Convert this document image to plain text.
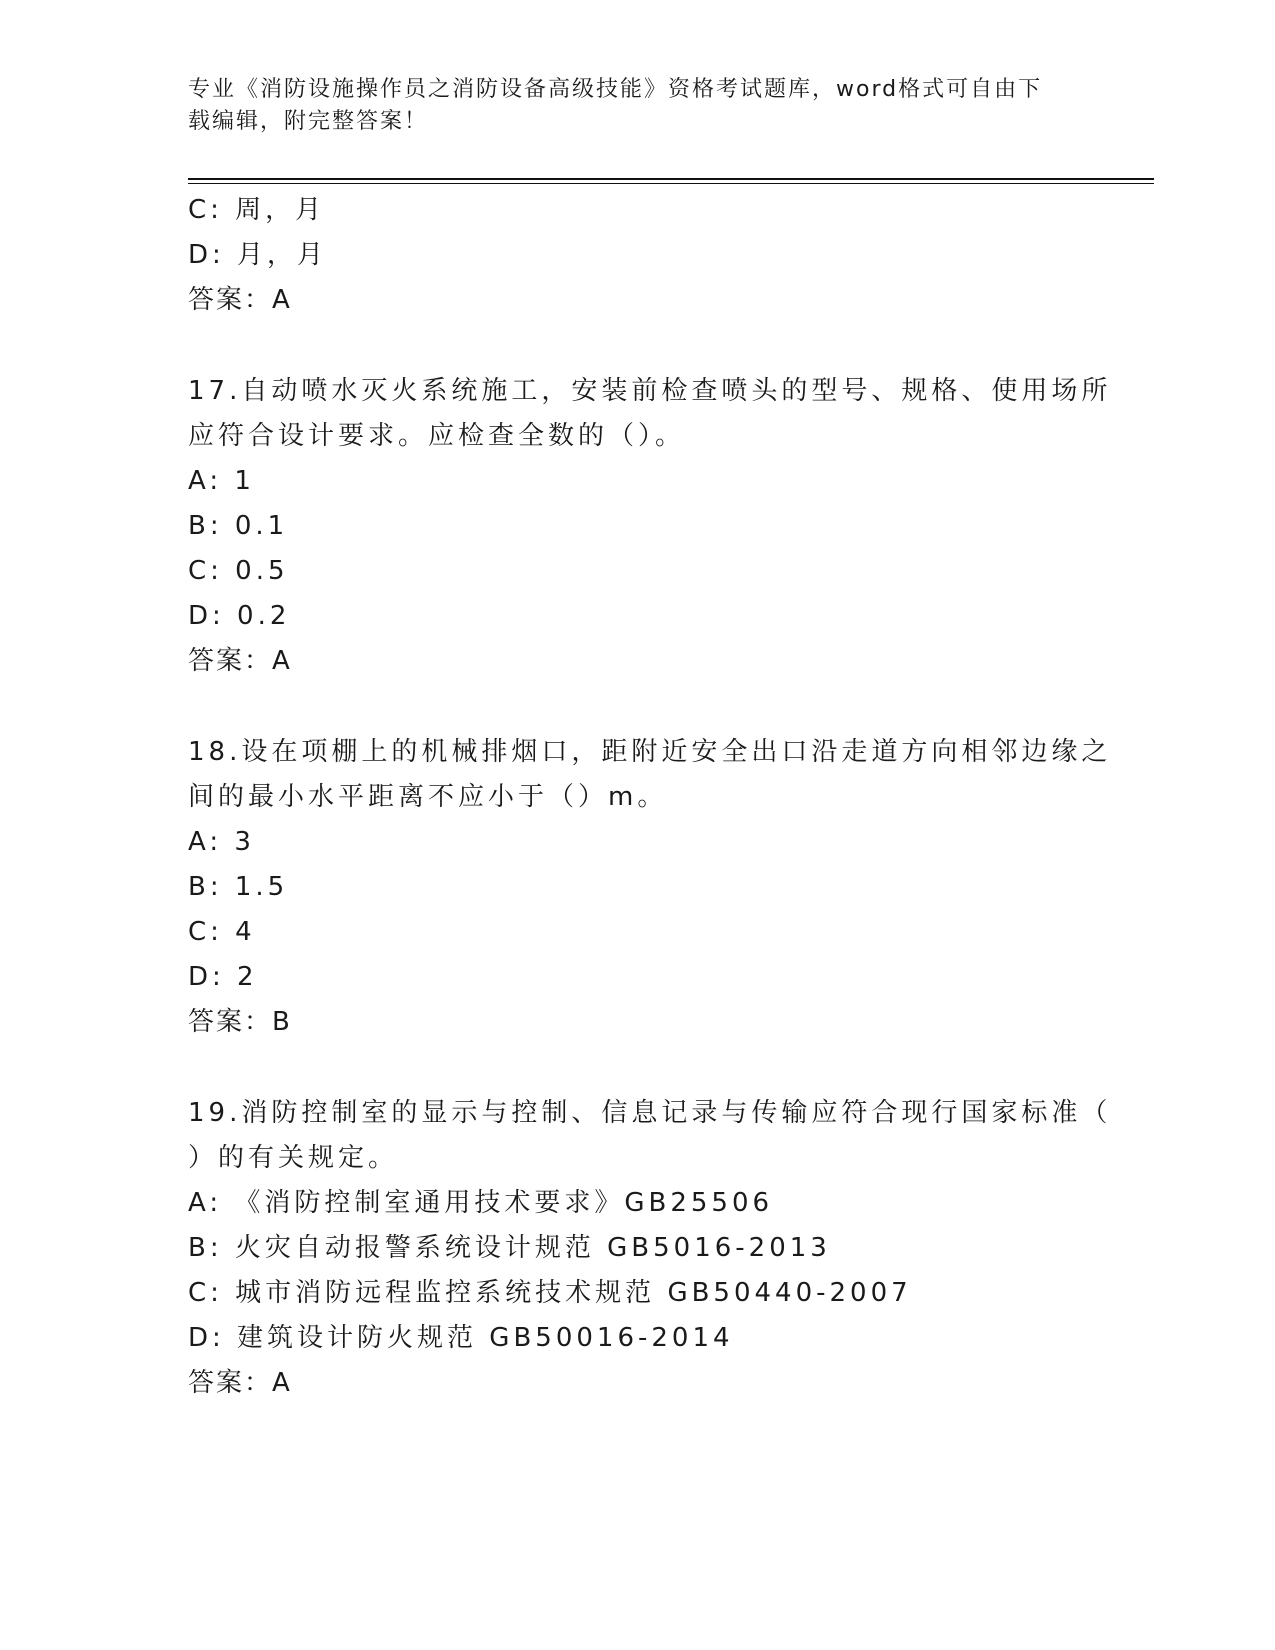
专业《消防设施操作员之消防设备高级技能》资格考试题库，word格式可自由下
载编辑，附完整答案！
C: 周，月
D: 月，月
答案：A
17.自动喷水灭火系统施工，安装前检查喷头的型号、规格、使用场所
应符合设计要求。应检查全数的（）。
A: 1
B: 0.1
C: 0.5
D: 0.2
答案：A
18.设在项棚上的机械排烟口，距附近安全出口沿走道方向相邻边缘之
间的最小水平距离不应小于（）m。
A: 3
B: 1.5
C: 4
D: 2
答案：B
19.消防控制室的显示与控制、信息记录与传输应符合现行国家标准（
）的有关规定。
A: 《消防控制室通用技术要求》GB25506
B: 火灾自动报警系统设计规范 GB5016-2013
C: 城市消防远程监控系统技术规范 GB50440-2007
D: 建筑设计防火规范 GB50016-2014
答案：A
